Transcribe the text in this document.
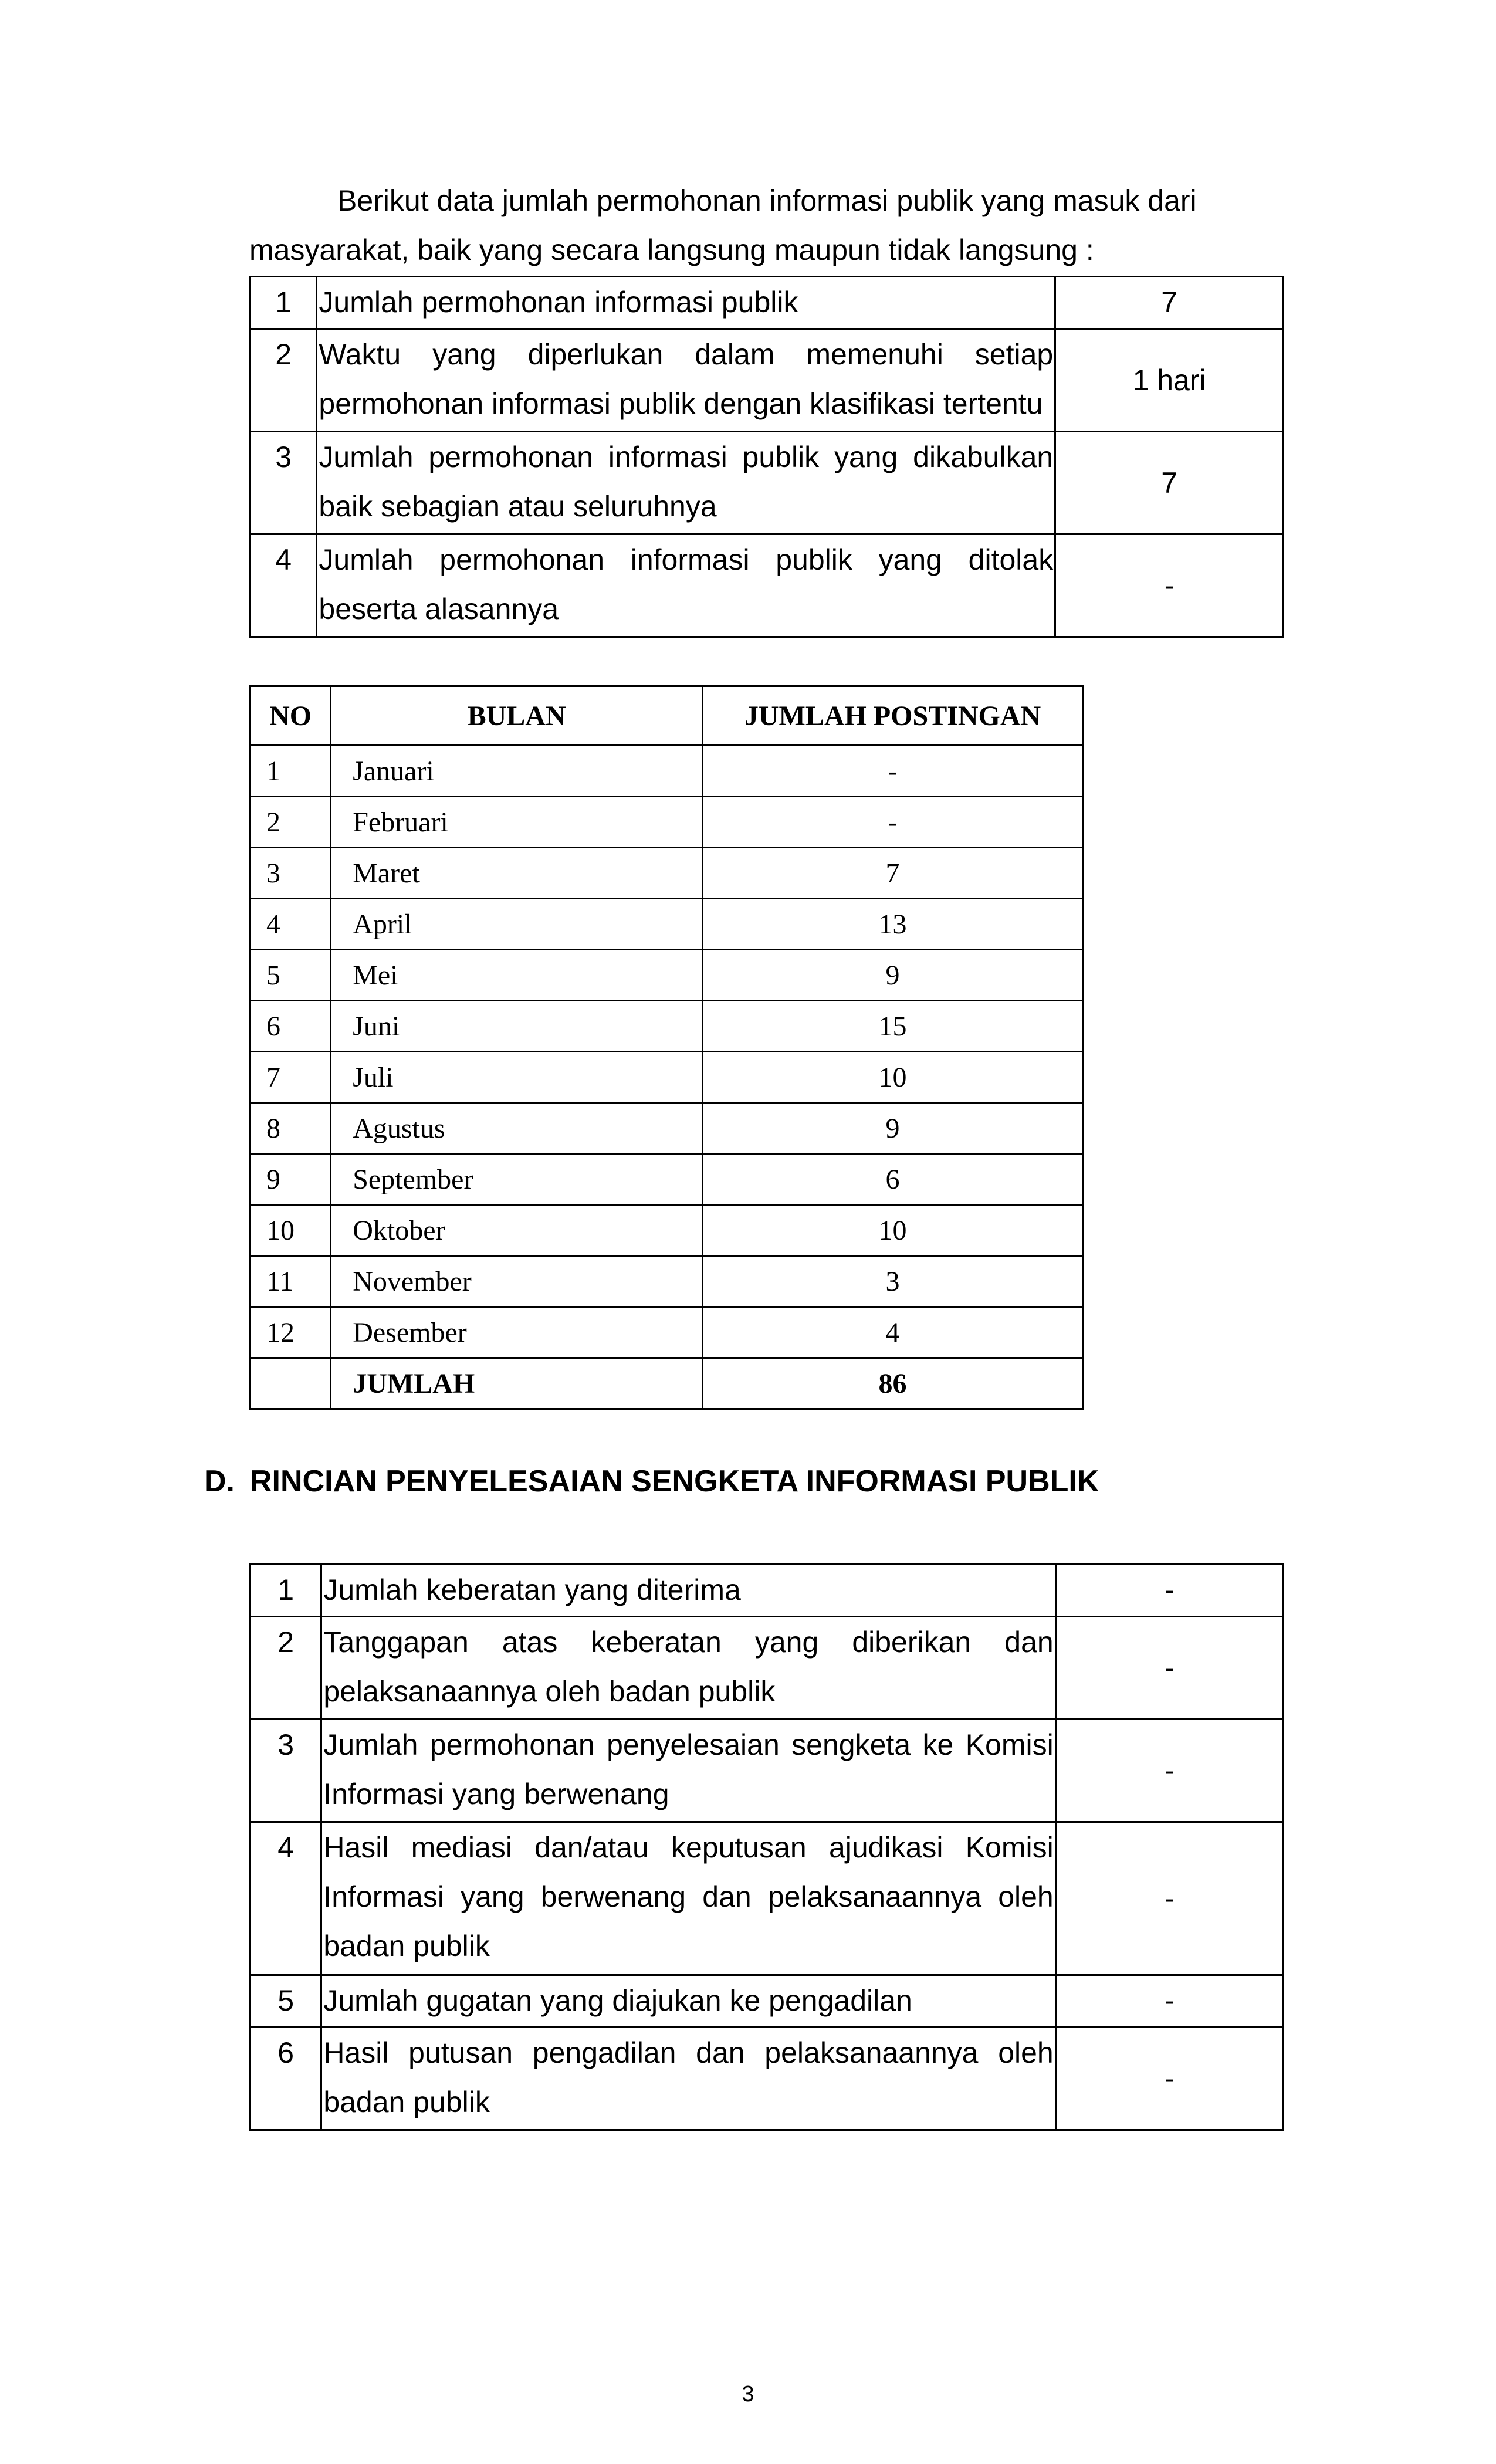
Berikut data jumlah permohonan informasi publik yang masuk dari
masyarakat, baik yang secara langsung maupun tidak langsung :
1	Jumlah permohonan informasi publik	7
2	Waktu yang diperlukan dalam memenuhi setiap
permohonan informasi publik dengan klasifikasi tertentu	1 hari
3	Jumlah permohonan informasi publik yang dikabulkan
baik sebagian atau seluruhnya	7
4	Jumlah permohonan informasi publik yang ditolak
beserta alasannya	-
NO	BULAN	JUMLAH POSTINGAN
1	Januari	-
2	Februari	-
3	Maret	7
4	April	13
5	Mei	9
6	Juni	15
7	Juli	10
8	Agustus	9
9	September	6
10	Oktober	10
11	November	3
12	Desember	4
	JUMLAH	86
D. RINCIAN PENYELESAIAN SENGKETA INFORMASI PUBLIK
1	Jumlah keberatan yang diterima	-
2	Tanggapan atas keberatan yang diberikan dan
pelaksanaannya oleh badan publik	-
3	Jumlah permohonan penyelesaian sengketa ke Komisi
Informasi yang berwenang	-
4	Hasil mediasi dan/atau keputusan ajudikasi Komisi
Informasi yang berwenang dan pelaksanaannya oleh
badan publik	-
5	Jumlah gugatan yang diajukan ke pengadilan	-
6	Hasil putusan pengadilan dan pelaksanaannya oleh
badan publik	-
3
